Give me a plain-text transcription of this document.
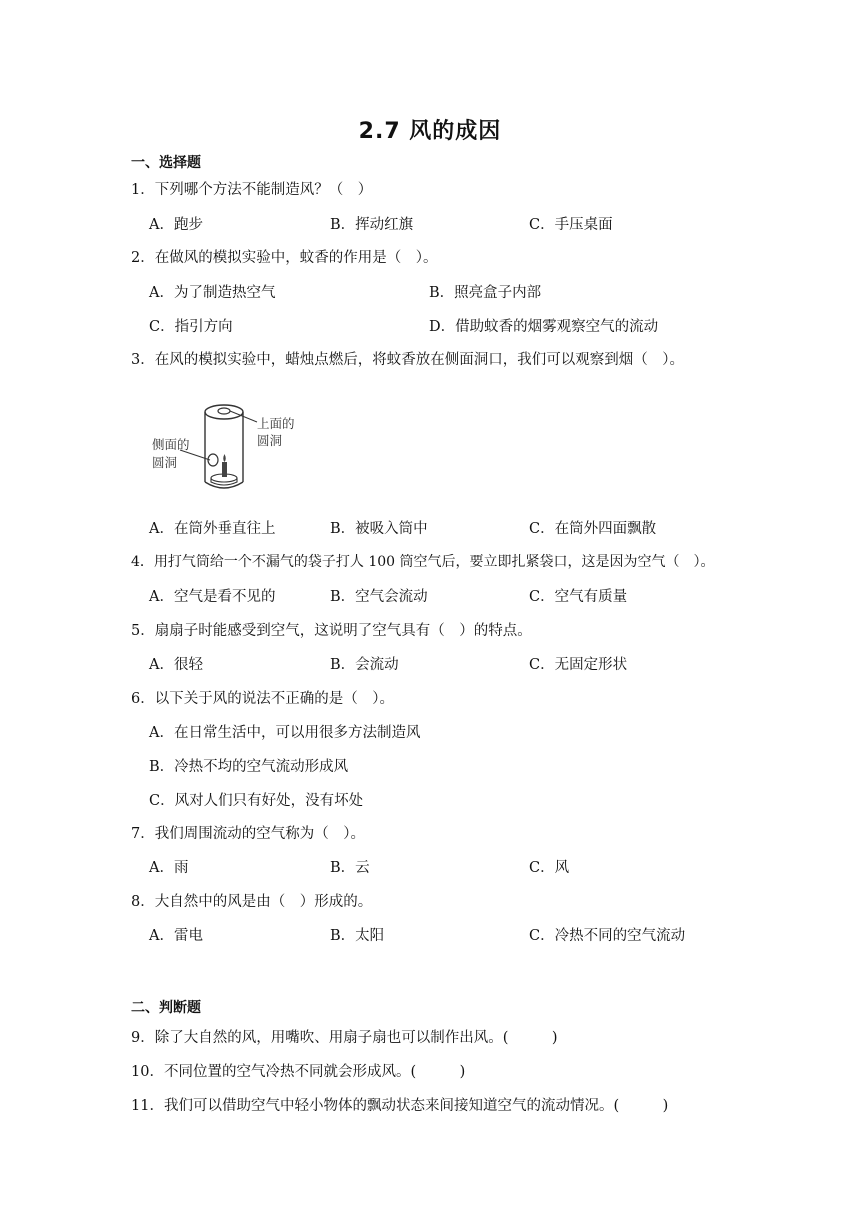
2.7 风的成因
一、选择题
1．下列哪个方法不能制造风？（　）
A．跑步	B．挥动红旗	C．手压桌面
2．在做风的模拟实验中，蚊香的作用是（　）。
A．为了制造热空气	B．照亮盒子内部
C．指引方向	D．借助蚊香的烟雾观察空气的流动
3．在风的模拟实验中，蜡烛点燃后，将蚊香放在侧面洞口，我们可以观察到烟（　）。
上面的
圆洞
侧面的
圆洞
A．在筒外垂直往上	B．被吸入筒中	C．在筒外四面飘散
4．用打气筒给一个不漏气的袋子打人 100 筒空气后，要立即扎紧袋口，这是因为空气（　）。
A．空气是看不见的	B．空气会流动	C．空气有质量
5．扇扇子时能感受到空气，这说明了空气具有（　）的特点。
A．很轻	B．会流动	C．无固定形状
6．以下关于风的说法不正确的是（　）。
A．在日常生活中，可以用很多方法制造风
B．冷热不均的空气流动形成风
C．风对人们只有好处，没有坏处
7．我们周围流动的空气称为（　）。
A．雨	B．云	C．风
8．大自然中的风是由（　）形成的。
A．雷电	B．太阳	C．冷热不同的空气流动
二、判断题
9．除了大自然的风，用嘴吹、用扇子扇也可以制作出风。(　　　)
10．不同位置的空气冷热不同就会形成风。(　　　)
11．我们可以借助空气中轻小物体的飘动状态来间接知道空气的流动情况。(　　　)
